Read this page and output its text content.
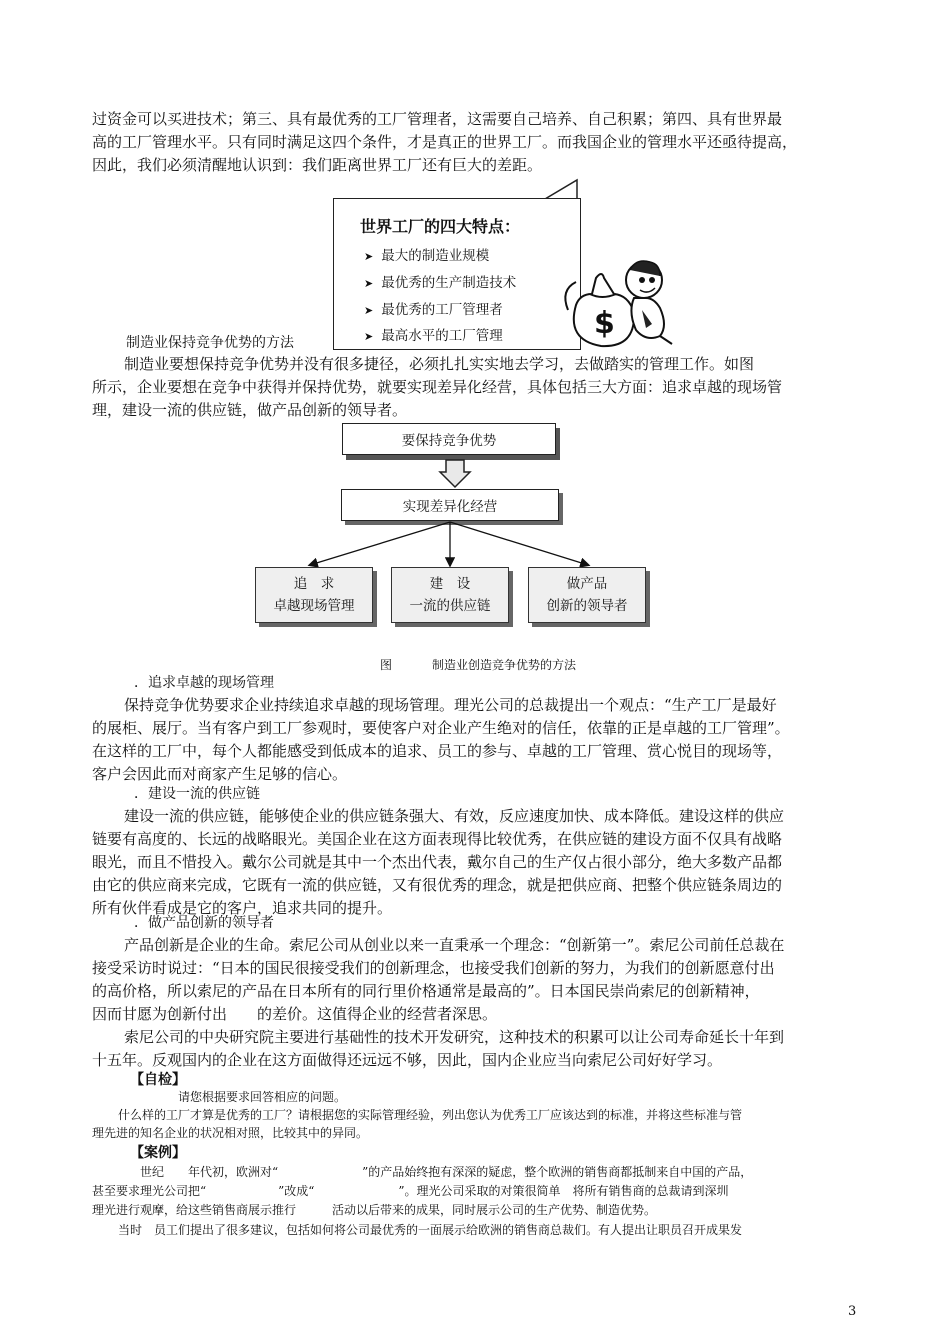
过资金可以买进技术；第三、具有最优秀的工厂管理者，这需要自己培养、自己积累；第四、具有世界最

高的工厂管理水平。只有同时满足这四个条件，才是真正的世界工厂。而我国企业的管理水平还亟待提高，

因此，我们必须清醒地认识到：我们距离世界工厂还有巨大的差距。

世界工厂的四大特点：
➤ 最大的制造业规模
➤ 最优秀的生产制造技术
➤ 最优秀的工厂管理者
➤ 最高水平的工厂管理	$

制造业保持竞争优势的方法

制造业要想保持竞争优势并没有很多捷径，必须扎扎实实地去学习，去做踏实的管理工作。如图

所示，企业要想在竞争中获得并保持优势，就要实现差异化经营，具体包括三大方面：追求卓越的现场管

理，建设一流的供应链，做产品创新的领导者。

要保持竞争优势
实现差异化经营
追　求
卓越现场管理
建　设
一流的供应链
做产品
创新的领导者
图	制造业创造竞争优势的方法

．追求卓越的现场管理

保持竞争优势要求企业持续追求卓越的现场管理。理光公司的总裁提出一个观点：“生产工厂是最好

的展柜、展厅。当有客户到工厂参观时，要使客户对企业产生绝对的信任，依靠的正是卓越的工厂管理”。

在这样的工厂中，每个人都能感受到低成本的追求、员工的参与、卓越的工厂管理、赏心悦目的现场等，

客户会因此而对商家产生足够的信心。

．建设一流的供应链

建设一流的供应链，能够使企业的供应链条强大、有效，反应速度加快、成本降低。建设这样的供应

链要有高度的、长远的战略眼光。美国企业在这方面表现得比较优秀，在供应链的建设方面不仅具有战略

眼光，而且不惜投入。戴尔公司就是其中一个杰出代表，戴尔自己的生产仅占很小部分，绝大多数产品都

由它的供应商来完成，它既有一流的供应链，又有很优秀的理念，就是把供应商、把整个供应链条周边的

所有伙伴看成是它的客户，追求共同的提升。

．做产品创新的领导者

产品创新是企业的生命。索尼公司从创业以来一直秉承一个理念：“创新第一”。索尼公司前任总裁在

接受采访时说过：“日本的国民很接受我们的创新理念，也接受我们创新的努力，为我们的创新愿意付出

的高价格，所以索尼的产品在日本所有的同行里价格通常是最高的”。日本国民崇尚索尼的创新精神，

因而甘愿为创新付出　　的差价。这值得企业的经营者深思。

索尼公司的中央研究院主要进行基础性的技术开发研究，这种技术的积累可以让公司寿命延长十年到

十五年。反观国内的企业在这方面做得还远远不够，因此，国内企业应当向索尼公司好好学习。

【自检】

请您根据要求回答相应的问题。

什么样的工厂才算是优秀的工厂？请根据您的实际管理经验，列出您认为优秀工厂应该达到的标准，并将这些标准与管

理先进的知名企业的状况相对照，比较其中的异同。

【案例】

世纪　　年代初，欧洲对“　　　　　　　”的产品始终抱有深深的疑虑，整个欧洲的销售商都抵制来自中国的产品，

甚至要求理光公司把“　　　　　　”改成“　　　　　　　”。理光公司采取的对策很简单　将所有销售商的总裁请到深圳

理光进行观摩，给这些销售商展示推行　　　活动以后带来的成果，同时展示公司的生产优势、制造优势。

当时　员工们提出了很多建议，包括如何将公司最优秀的一面展示给欧洲的销售商总裁们。有人提出让职员召开成果发

3
